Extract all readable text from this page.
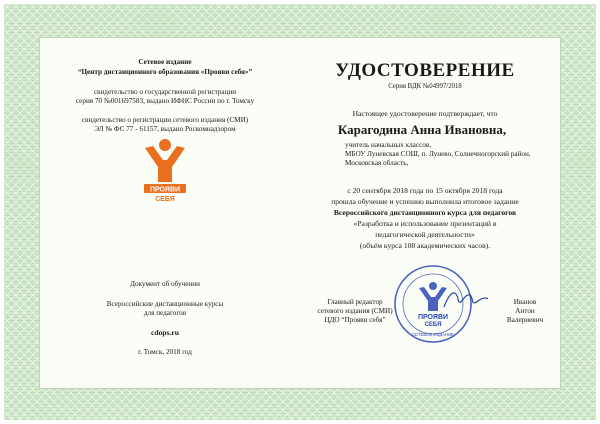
Сетевое издание
“Центр дистанционного образования «Прояви себя»”
свидетельство о государственной регистрации
серия 70 №001697583, выдано ИФНС России по г. Томску
свидетельство о регистрации сетевого издания (СМИ)
ЭЛ № ФС 77 - 61157, выдано Роскомнадзором
ПРОЯВИ
СЕБЯ
Документ об обучении
Всероссийские дистанционные курсы
для педагогов
cdops.ru
г. Томск, 2018 год
УДОСТОВЕРЕНИЕ
Серия ВДК №04997/2018
Настоящее удостоверение подтверждает, что
Карагодина Анна Ивановна,
учитель начальных классов,
МБОУ Луневская СОШ, п. Лунево, Солнечногорский район,
Московская область,
с 20 сентября 2018 года по 15 октября 2018 года
прошла обучение и успешно выполнила итоговое задание
Всероссийского дистанционного курса для педагогов
«Разработка и использование презентаций в
педагогической деятельности»
(объём курса 108 академических часов).
Главный редактор
сетевого издания (СМИ)
ЦДО “Прояви себя”	ПРОЯВИ
СЕБЯ
СЕТЕВОЕ ИЗДАНИЕ
Иванов
Антон
Валериевич
